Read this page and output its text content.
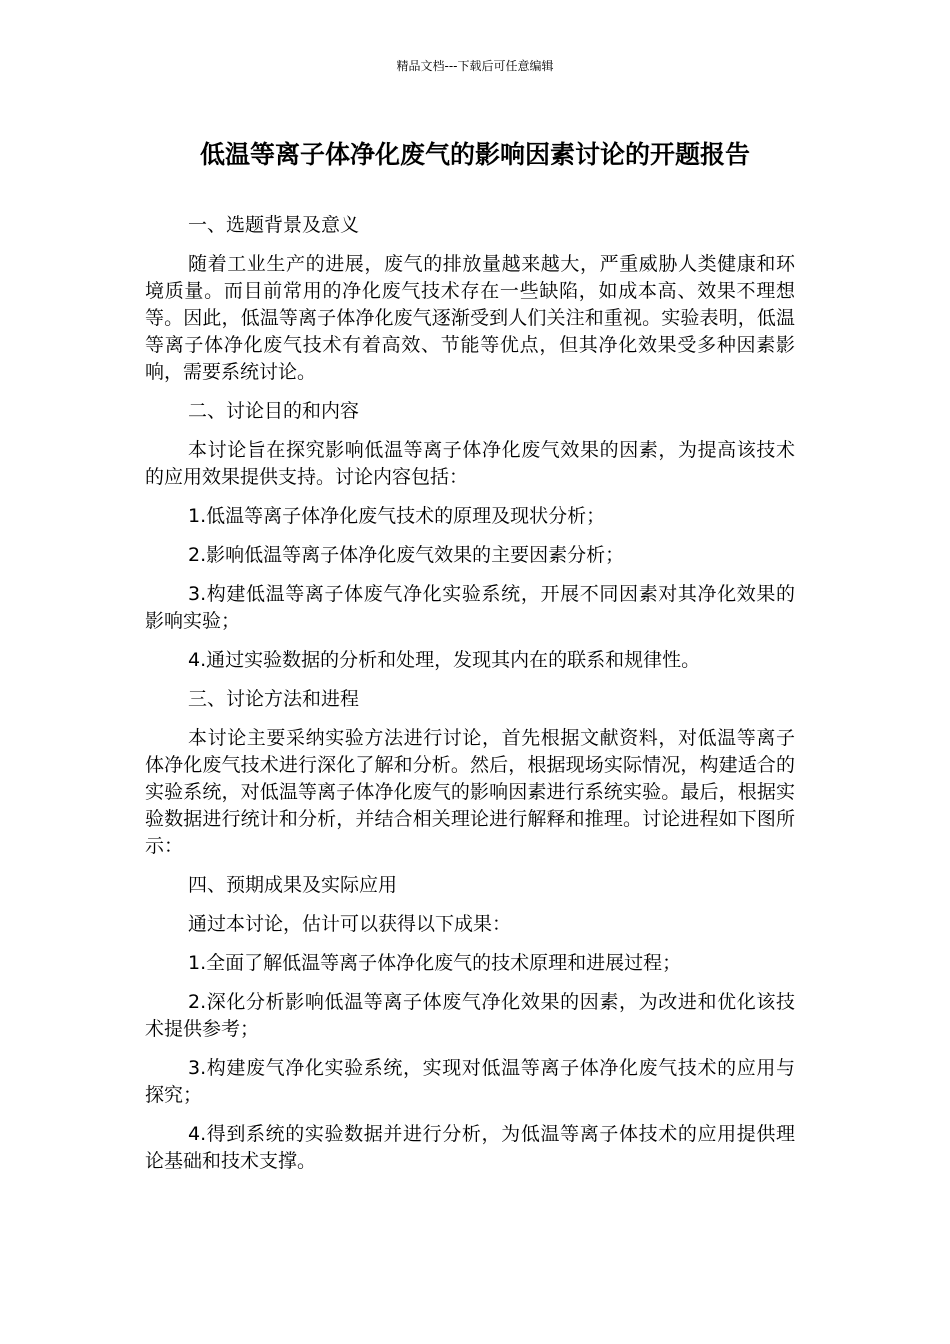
精品文档---下载后可任意编辑
低温等离子体净化废气的影响因素讨论的开题报告

一、选题背景及意义

随着工业生产的进展，废气的排放量越来越大，严重威胁人类健康和环境质量。而目前常用的净化废气技术存在一些缺陷，如成本高、效果不理想等。因此，低温等离子体净化废气逐渐受到人们关注和重视。实验表明，低温等离子体净化废气技术有着高效、节能等优点，但其净化效果受多种因素影响，需要系统讨论。

二、讨论目的和内容

本讨论旨在探究影响低温等离子体净化废气效果的因素，为提高该技术的应用效果提供支持。讨论内容包括：

1.低温等离子体净化废气技术的原理及现状分析；

2.影响低温等离子体净化废气效果的主要因素分析；

3.构建低温等离子体废气净化实验系统，开展不同因素对其净化效果的影响实验；

4.通过实验数据的分析和处理，发现其内在的联系和规律性。

三、讨论方法和进程

本讨论主要采纳实验方法进行讨论，首先根据文献资料，对低温等离子体净化废气技术进行深化了解和分析。然后，根据现场实际情况，构建适合的实验系统，对低温等离子体净化废气的影响因素进行系统实验。最后，根据实验数据进行统计和分析，并结合相关理论进行解释和推理。讨论进程如下图所示：

四、预期成果及实际应用

通过本讨论，估计可以获得以下成果：

1.全面了解低温等离子体净化废气的技术原理和进展过程；

2.深化分析影响低温等离子体废气净化效果的因素，为改进和优化该技术提供参考；

3.构建废气净化实验系统，实现对低温等离子体净化废气技术的应用与探究；

4.得到系统的实验数据并进行分析，为低温等离子体技术的应用提供理论基础和技术支撑。
